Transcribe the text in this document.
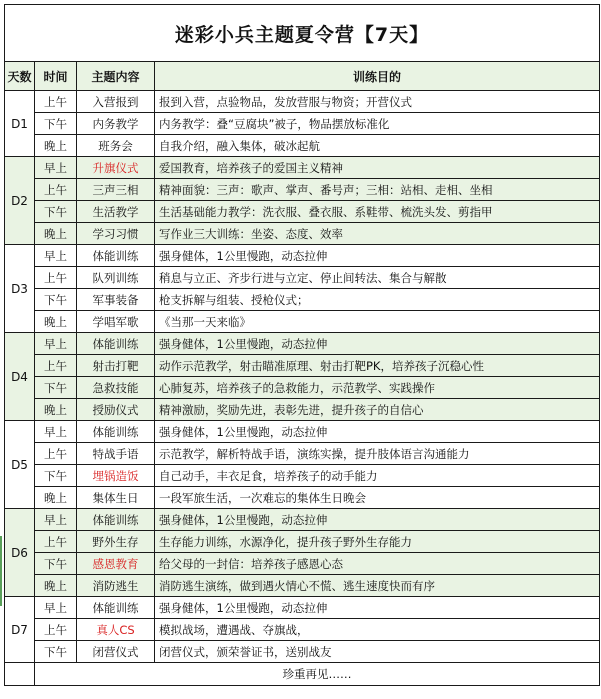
迷彩小兵主题夏令营【7天】			
天数	时间	主题内容	训练目的
D1	上午	入营报到	报到入营，点验物品，发放营服与物资；开营仪式
	下午	内务教学	内务教学：叠“豆腐块”被子，物品摆放标准化
	晚上	班务会	自我介绍，融入集体，破冰起航
D2	早上	升旗仪式	爱国教育，培养孩子的爱国主义精神
	上午	三声三相	精神面貌：三声：歌声、掌声、番号声；三相：站相、走相、坐相
	下午	生活教学	生活基础能力教学：洗衣服、叠衣服、系鞋带、梳洗头发、剪指甲
	晚上	学习习惯	写作业三大训练：坐姿、态度、效率
D3	早上	体能训练	强身健体，1公里慢跑，动态拉伸
	上午	队列训练	稍息与立正、齐步行进与立定、停止间转法、集合与解散
	下午	军事装备	枪支拆解与组装、授枪仪式；
	晚上	学唱军歌	《当那一天来临》
D4	早上	体能训练	强身健体，1公里慢跑，动态拉伸
	上午	射击打靶	动作示范教学，射击瞄准原理、射击打靶PK，培养孩子沉稳心性
	下午	急救技能	心肺复苏，培养孩子的急救能力，示范教学、实践操作
	晚上	授励仪式	精神激励，奖励先进，表彰先进，提升孩子的自信心
D5	早上	体能训练	强身健体，1公里慢跑，动态拉伸
	上午	特战手语	示范教学，解析特战手语，演练实操，提升肢体语言沟通能力
	下午	埋锅造饭	自己动手，丰衣足食，培养孩子的动手能力
	晚上	集体生日	一段军旅生活，一次难忘的集体生日晚会
D6	早上	体能训练	强身健体，1公里慢跑，动态拉伸
	上午	野外生存	生存能力训练，水源净化，提升孩子野外生存能力
	下午	感恩教育	给父母的一封信：培养孩子感恩心态
	晚上	消防逃生	消防逃生演练，做到遇火情心不慌、逃生速度快而有序
D7	早上	体能训练	强身健体，1公里慢跑，动态拉伸
	上午	真人CS	模拟战场，遭遇战、夺旗战，
	下午	闭营仪式	闭营仪式，颁荣誉证书，送别战友
	珍重再见……		
